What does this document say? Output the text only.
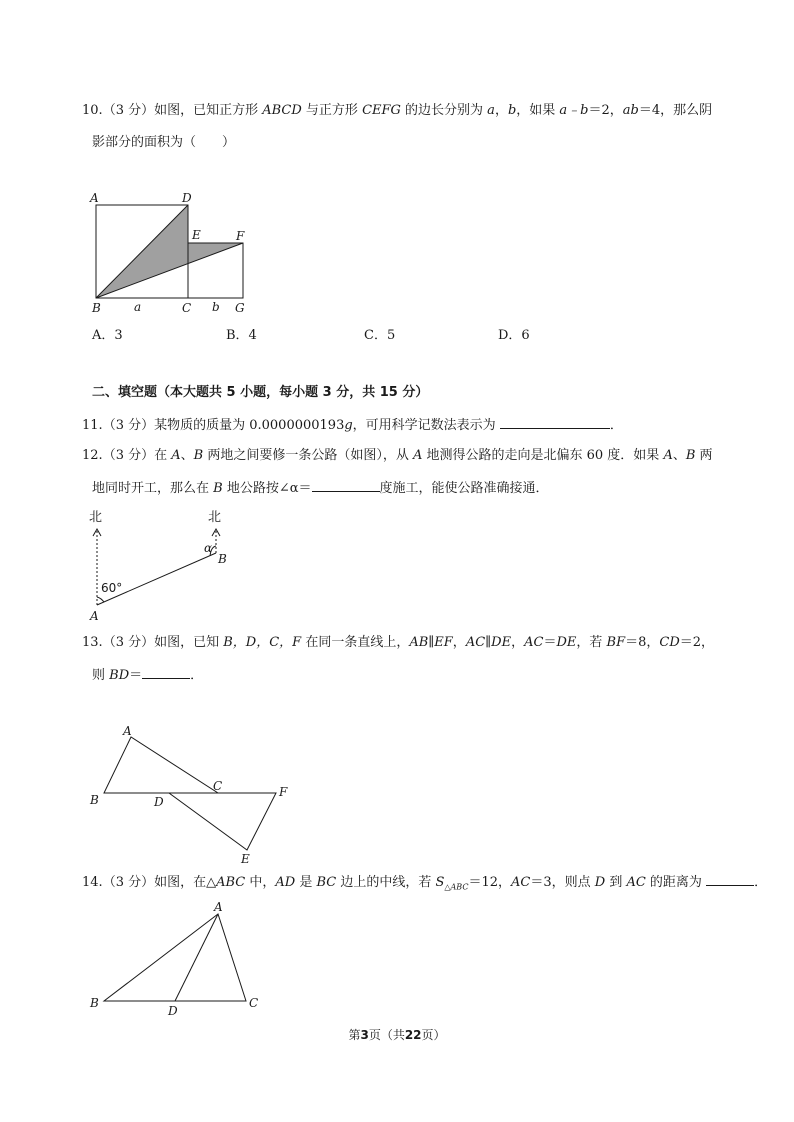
10.（3 分）如图，已知正方形 ABCD 与正方形 CEFG 的边长分别为 a，b，如果 a﹣b＝2，ab＝4，那么阴
影部分的面积为（　　）
A	D
E	F
B	a	C b G
A．3	B．4	C．5	D．6
二、填空题（本大题共 5 小题，每小题 3 分，共 15 分）
11.（3 分）某物质的质量为 0.0000000193g，可用科学记数法表示为	．
12.（3 分）在 A、B 两地之间要修一条公路（如图），从 A 地测得公路的走向是北偏东 60 度．如果 A、B 两
地同时开工，那么在 B 地公路按∠α＝	度施工，能使公路准确接通．
北	北
60°
α
A
B
13.（3 分）如图，已知 B，D，C，F 在同一条直线上，AB∥EF，AC∥DE，AC＝DE，若 BF＝8，CD＝2，
则 BD＝	．
A
B
C
D
F
E
14.（3 分）如图，在△ABC 中，AD 是 BC 边上的中线，若 $S_{\triangle ABC}=12$，AC＝3，则点 D 到 AC 的距离为	．
A
B	C
D
第3页（共22页）
